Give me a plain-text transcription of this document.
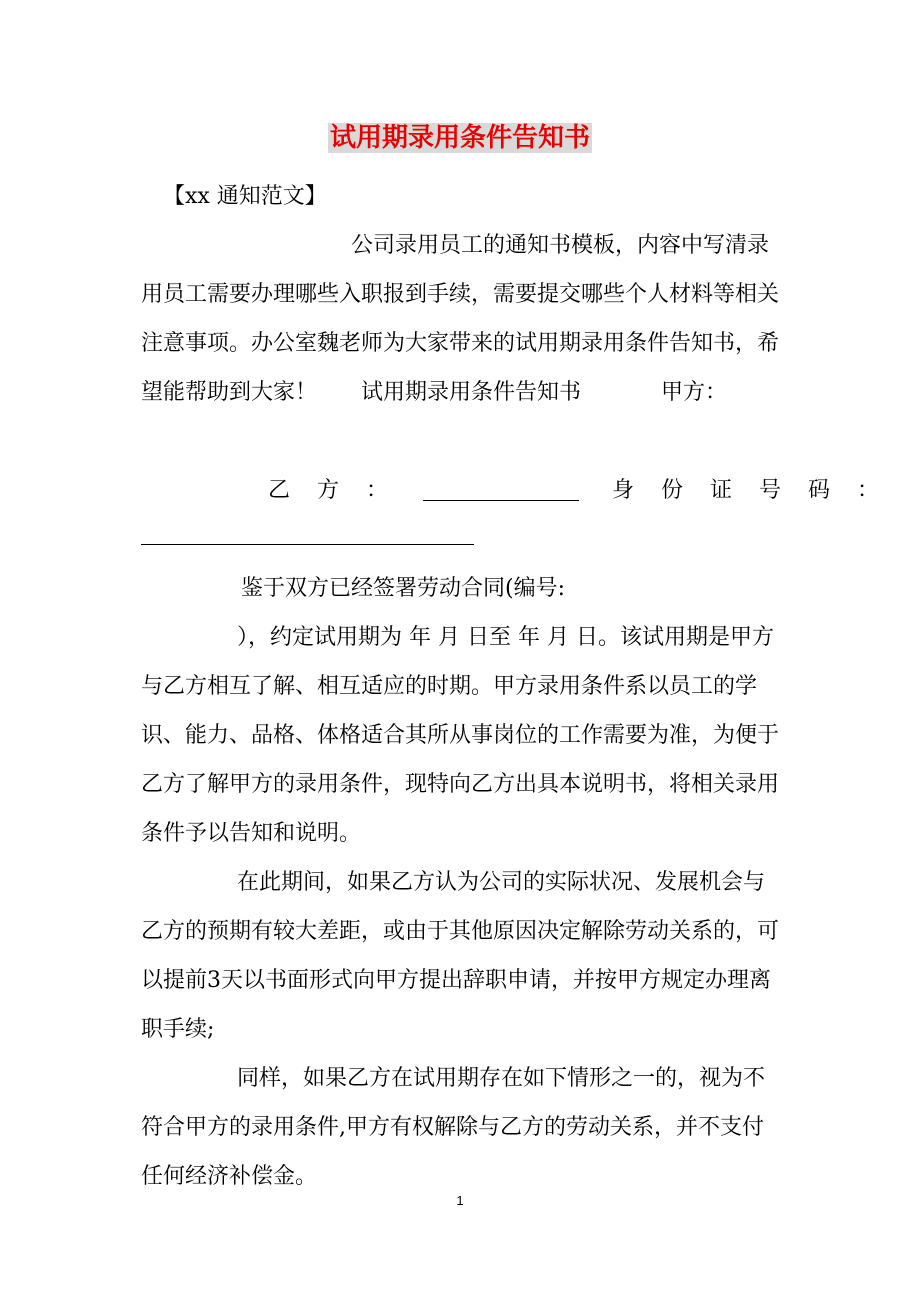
试用期录用条件告知书
【xx 通知范文】

公司录用员工的通知书模板，内容中写清录用员工需要办理哪些入职报到手续，需要提交哪些个人材料等相关注意事项。办公室魏老师为大家带来的试用期录用条件告知书，希望能帮助到大家！　　试用期录用条件告知书	甲方：

乙 方 ：	身 份 证 号 码 ：
鉴于双方已经签署劳动合同(编号:

），约定试用期为 年 月 日至 年 月 日。该试用期是甲方与乙方相互了解、相互适应的时期。甲方录用条件系以员工的学识、能力、品格、体格适合其所从事岗位的工作需要为准，为便于乙方了解甲方的录用条件，现特向乙方出具本说明书，将相关录用条件予以告知和说明。

在此期间，如果乙方认为公司的实际状况、发展机会与乙方的预期有较大差距，或由于其他原因决定解除劳动关系的，可以提前3天以书面形式向甲方提出辞职申请，并按甲方规定办理离职手续;

同样，如果乙方在试用期存在如下情形之一的，视为不符合甲方的录用条件,甲方有权解除与乙方的劳动关系，并不支付任何经济补偿金。

1
